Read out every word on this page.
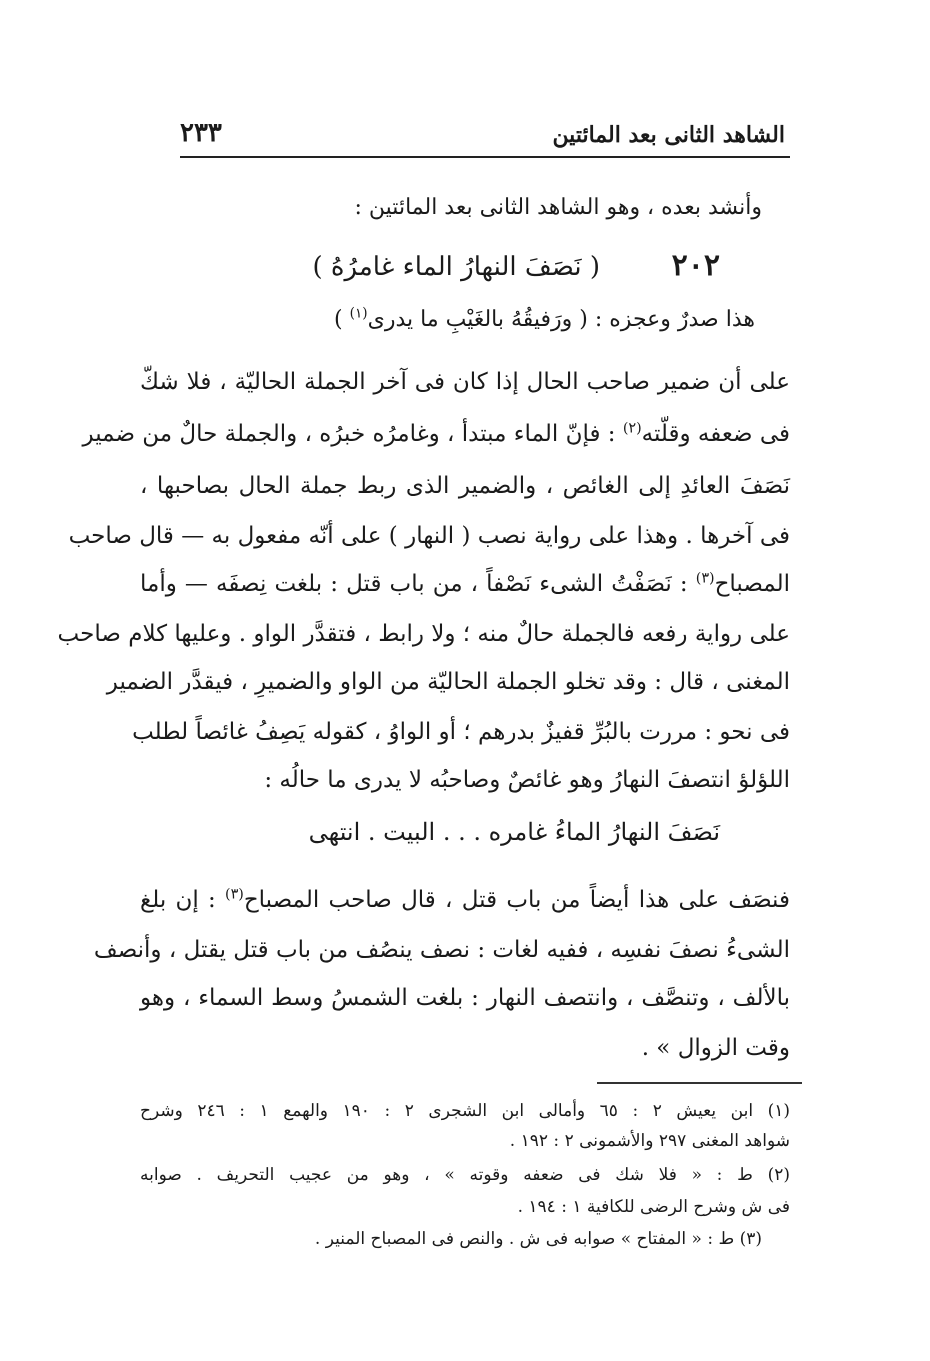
الشاهد الثانى بعد المائتين
٢٣٣
وأنشد بعده ، وهو الشاهد الثانى بعد المائتين :
٢٠٢
( نَصَفَ النهارُ الماء غامرُهُ )
هذا صدرٌ وعجزه : ( ورَفيقُهُ بالغَيْبِ ما يدرى$^{(١)}$ )
على أن ضمير صاحب الحال إذا كان فى آخر الجملة الحاليّة ، فلا شكّ
فى ضعفه وقلّته$^{(٢)}$ : فإنّ الماء مبتدأ ، وغامرُه خبرُه ، والجملة حالٌ من ضمير
نَصَفَ العائدِ إلى الغائص ، والضمير الذى ربط جملة الحال بصاحبها ،
فى آخرها . وهذا على رواية نصب ( النهار ) على أنّه مفعول به — قال صاحب
المصباح$^{(٣)}$ : نَصَفْتُ الشىء نَصْفاً ، من باب قتل : بلغت نِصفَه — وأما
على رواية رفعه فالجملة حالٌ منه ؛ ولا رابط ، فتقدَّر الواو . وعليها كلام صاحب
المغنى ، قال : وقد تخلو الجملة الحاليّة من الواو والضميرِ ، فيقدَّر الضمير
فى نحو : مررت بالبُرِّ قفيزٌ بدرهم ؛ أو الواوُ ، كقوله يَصِفُ غائصاً لطلب
اللؤلؤ انتصفَ النهارُ وهو غائصٌ وصاحبُه لا يدرى ما حالُه :
نَصَفَ النهارُ الماءُ غامره . . . البيت . انتهى
فنصَف على هذا أيضاً من باب قتل ، قال صاحب المصباح$^{(٣)}$ : إن بلغ
الشىءُ نصفَ نفسِه ، ففيه لغات : نصف ينصُف من باب قتل يقتل ، وأنصف
بالألف ، وتنصَّف ، وانتصف النهار : بلغت الشمسُ وسط السماء ، وهو
وقت الزوال » .
(١) ابن يعيش ٢ : ٦٥ وأمالى ابن الشجرى ٢ : ١٩٠ والهمع ١ : ٢٤٦ وشرح
شواهد المغنى ٢٩٧ والأشمونى ٢ : ١٩٢ .
(٢) ط : « فلا شك فى ضعفه وقوته » ، وهو من عجيب التحريف . صوابه
فى ش وشرح الرضى للكافية ١ : ١٩٤ .
(٣) ط : « المفتاح » صوابه فى ش . والنص فى المصباح المنير .
